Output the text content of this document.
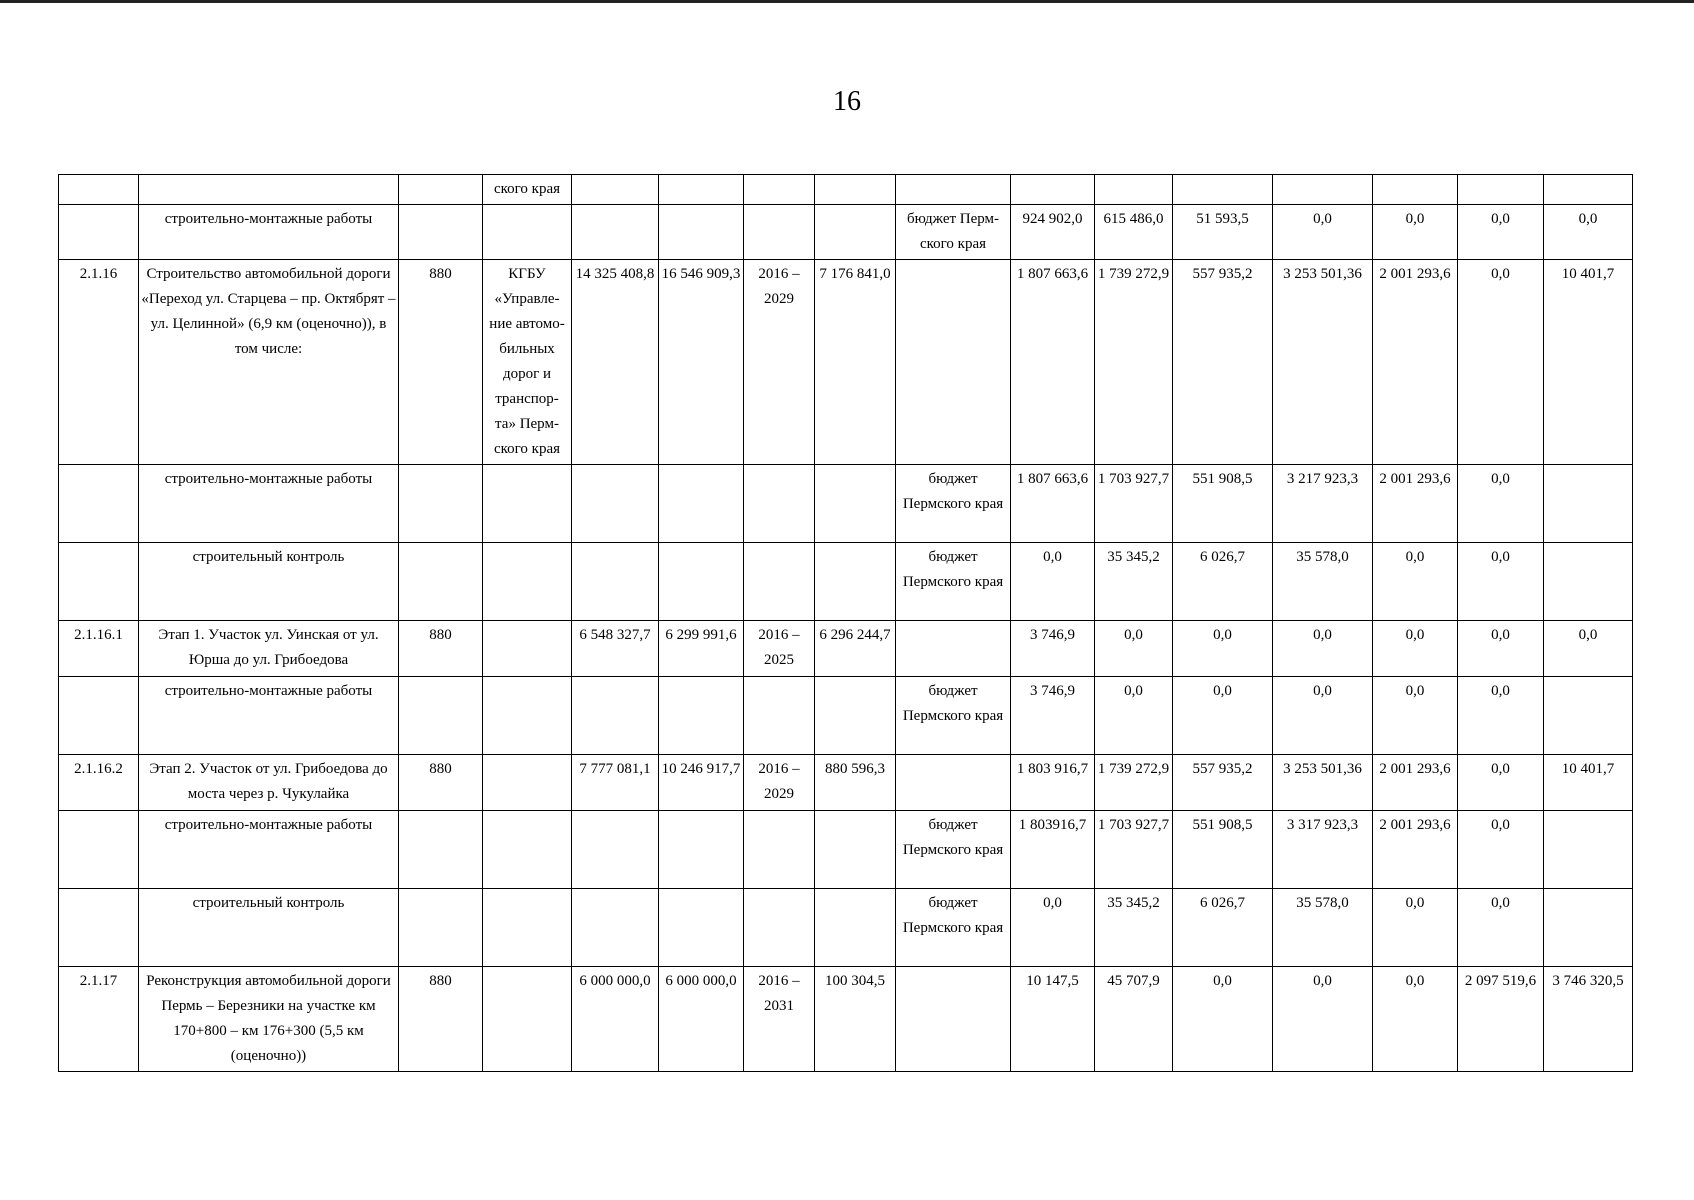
16
			ского края												
	строительно-монтажные работы							бюджет Перм-ского края	924 902,0	615 486,0	51 593,5	0,0	0,0	0,0	0,0
2.1.16	Строительство автомобильной дороги «Переход ул. Старцева – пр. Октябрят – ул. Целинной» (6,9 км (оценочно)), в том числе:	880	КГБУ «Управле-ние автомо-бильных дорог и транспор-та» Перм-ского края	14 325 408,8	16 546 909,3	2016 – 2029	7 176 841,0		1 807 663,6	1 739 272,9	557 935,2	3 253 501,36	2 001 293,6	0,0	10 401,7
	строительно-монтажные работы							бюджет Пермского края	1 807 663,6	1 703 927,7	551 908,5	3 217 923,3	2 001 293,6	0,0	
	строительный контроль							бюджет Пермского края	0,0	35 345,2	6 026,7	35 578,0	0,0	0,0	
2.1.16.1	Этап 1. Участок ул. Уинская от ул. Юрша до ул. Грибоедова	880		6 548 327,7	6 299 991,6	2016 – 2025	6 296 244,7		3 746,9	0,0	0,0	0,0	0,0	0,0	0,0
	строительно-монтажные работы							бюджет Пермского края	3 746,9	0,0	0,0	0,0	0,0	0,0	
2.1.16.2	Этап 2. Участок от ул. Грибоедова до моста через р. Чукулайка	880		7 777 081,1	10 246 917,7	2016 – 2029	880 596,3		1 803 916,7	1 739 272,9	557 935,2	3 253 501,36	2 001 293,6	0,0	10 401,7
	строительно-монтажные работы							бюджет Пермского края	1 803916,7	1 703 927,7	551 908,5	3 317 923,3	2 001 293,6	0,0	
	строительный контроль							бюджет Пермского края	0,0	35 345,2	6 026,7	35 578,0	0,0	0,0	
2.1.17	Реконструкция автомобильной дороги Пермь – Березники на участке км 170+800 – км 176+300 (5,5 км (оценочно))	880		6 000 000,0	6 000 000,0	2016 – 2031	100 304,5		10 147,5	45 707,9	0,0	0,0	0,0	2 097 519,6	3 746 320,5
